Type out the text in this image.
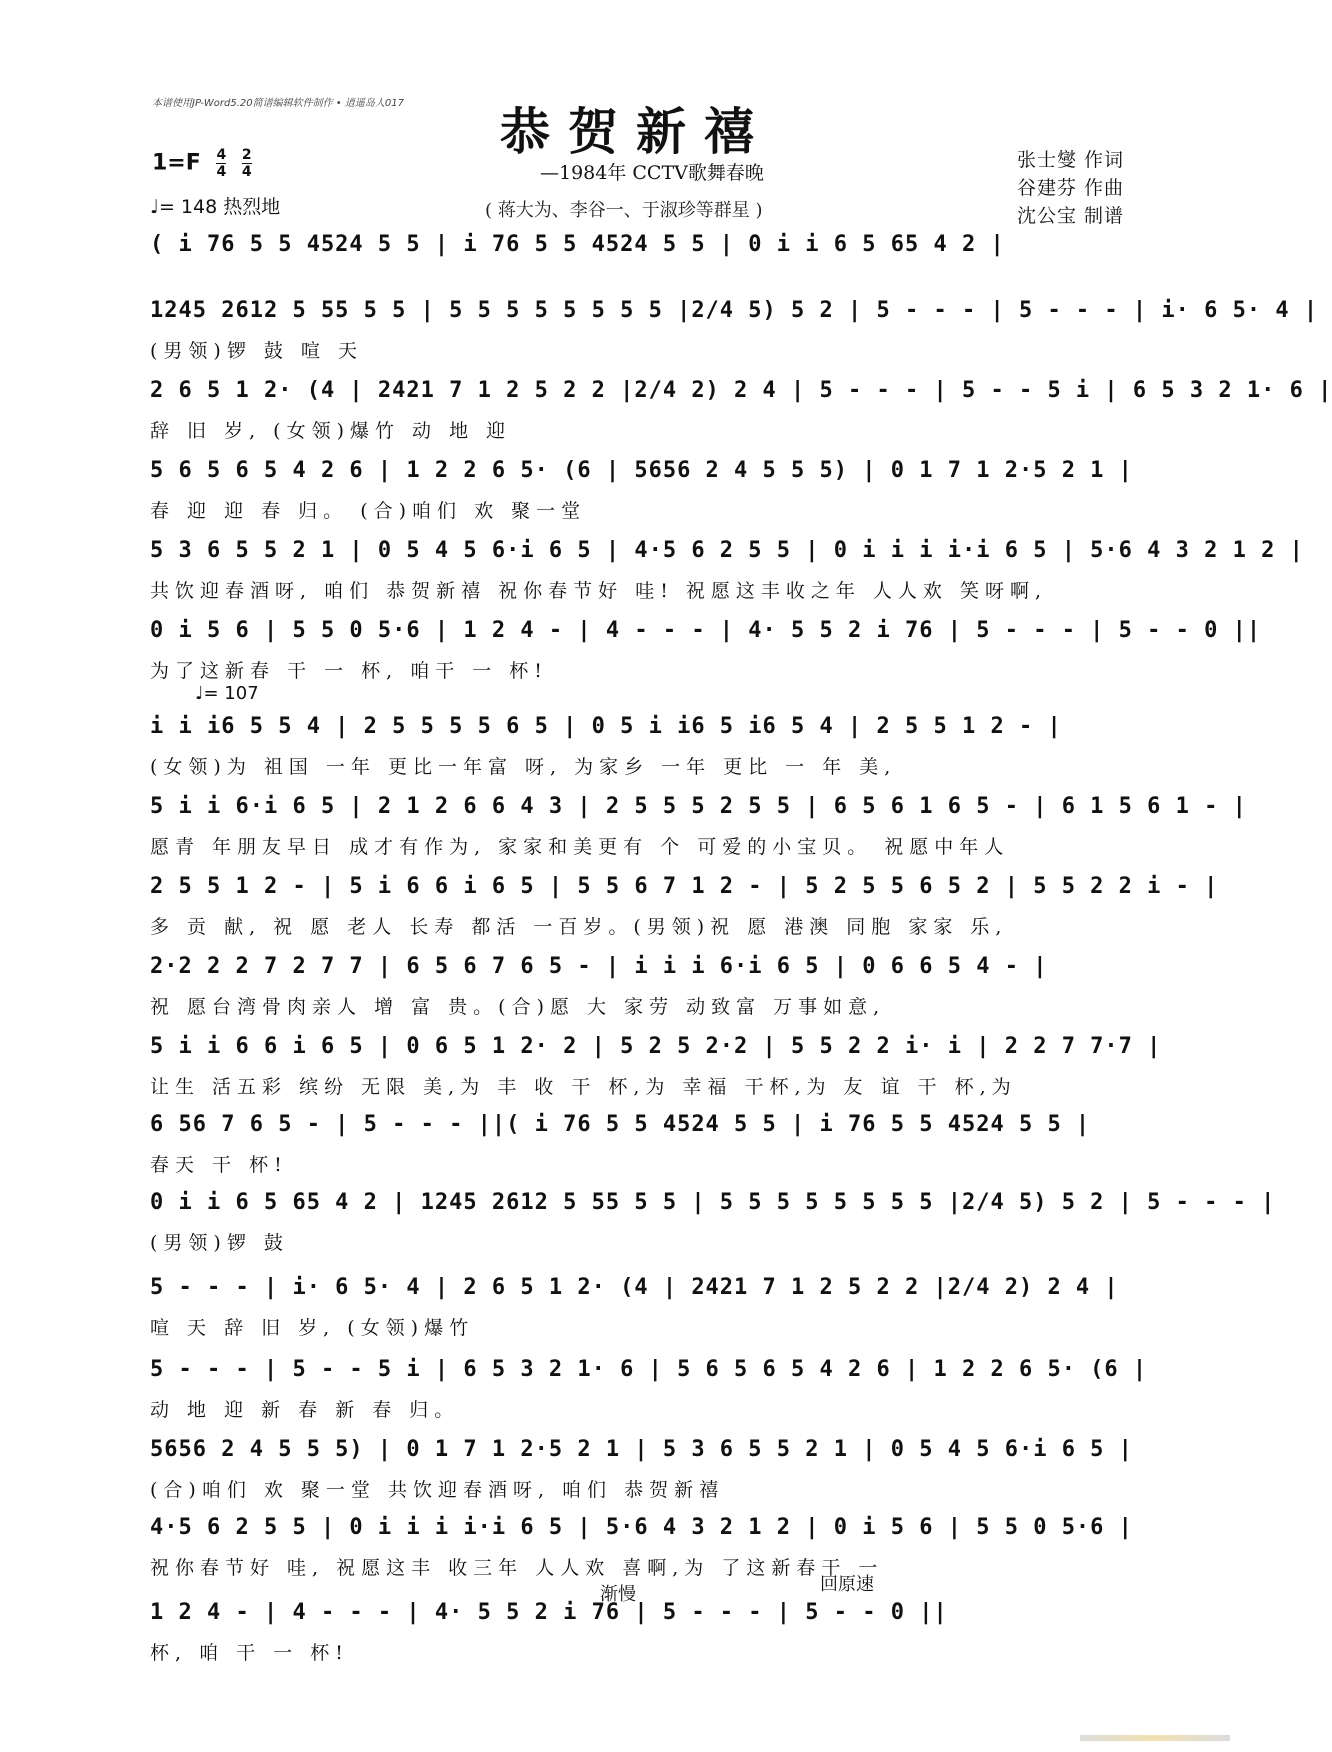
本谱使用JP-Word5.20简谱编辑软件制作 • 逍遥岛人017 恭贺新禧
—1984年 CCTV歌舞春晚
( 蒋大为、李谷一、于淑珍等群星 )
$1=F \frac{4}{4}$
$\frac{2}{4}$
♩= 148 热烈地
张士燮 作词
谷建芬 作曲
沈公宝 制谱
( i 76 5 5 4524 5 5 | i 76 5 5 4524 5 5 | 0 i i 6 5 65 4 2 |
1245 2612 5 55 5 5 | 5 5 5 5 5 5 5 5 |2/4 5) 5 2 | 5 - - - | 5 - - - | i· 6 5· 4 |
(男领)锣 鼓 喧 天
2 6 5 1 2· (4 | 2421 7 1 2 5 2 2 |2/4 2) 2 4 | 5 - - - | 5 - - 5 i | 6 5 3 2 1· 6 |
辞 旧 岁, (女领)爆竹 动 地 迎
5 6 5 6 5 4 2 6 | 1 2 2 6 5· (6 | 5656 2 4 5 5 5) | 0 1 7 1 2·5 2 1 |
春 迎 迎 春 归。 (合)咱们 欢 聚一堂
5 3 6 5 5 2 1 | 0 5 4 5 6·i 6 5 | 4·5 6 2 5 5 | 0 i i i i·i 6 5 | 5·6 4 3 2 1 2 |
共饮迎春酒呀, 咱们 恭贺新禧 祝你春节好 哇! 祝愿这丰收之年 人人欢 笑呀啊,
0 i 5 6 | 5 5 0 5·6 | 1 2 4 - | 4 - - - | 4· 5 5 2 i 76 | 5 - - - | 5 - - 0 ||
为了这新春 干 一 杯, 咱干 一 杯!
♩= 107
i i i6 5 5 4 | 2 5 5 5 5 6 5 | 0 5 i i6 5 i6 5 4 | 2 5 5 1 2 - |
(女领)为 祖国 一年 更比一年富 呀, 为家乡 一年 更比 一 年 美,
5 i i 6·i 6 5 | 2 1 2 6 6 4 3 | 2 5 5 5 2 5 5 | 6 5 6 1 6 5 - | 6 1 5 6 1 - |
愿青 年朋友早日 成才有作为, 家家和美更有 个 可爱的小宝贝。 祝愿中年人
2 5 5 1 2 - | 5 i 6 6 i 6 5 | 5 5 6 7 1 2 - | 5 2 5 5 6 5 2 | 5 5 2 2 i - |
多 贡 献, 祝 愿 老人 长寿 都活 一百岁。(男领)祝 愿 港澳 同胞 家家 乐,
2·2 2 2 7 2 7 7 | 6 5 6 7 6 5 - | i i i 6·i 6 5 | 0 6 6 5 4 - |
祝 愿台湾骨肉亲人 增 富 贵。(合)愿 大 家劳 动致富 万事如意,
5 i i 6 6 i 6 5 | 0 6 5 1 2· 2 | 5 2 5 2·2 | 5 5 2 2 i· i | 2 2 7 7·7 |
让生 活五彩 缤纷 无限 美,为 丰 收 干 杯,为 幸福 干杯,为 友 谊 干 杯,为
6 56 7 6 5 - | 5 - - - ||( i 76 5 5 4524 5 5 | i 76 5 5 4524 5 5 |
春天 干 杯!
0 i i 6 5 65 4 2 | 1245 2612 5 55 5 5 | 5 5 5 5 5 5 5 5 |2/4 5) 5 2 | 5 - - - |
(男领)锣 鼓
5 - - - | i· 6 5· 4 | 2 6 5 1 2· (4 | 2421 7 1 2 5 2 2 |2/4 2) 2 4 |
喧 天 辞 旧 岁, (女领)爆竹
5 - - - | 5 - - 5 i | 6 5 3 2 1· 6 | 5 6 5 6 5 4 2 6 | 1 2 2 6 5· (6 |
动 地 迎 新 春 新 春 归。
5656 2 4 5 5 5) | 0 1 7 1 2·5 2 1 | 5 3 6 5 5 2 1 | 0 5 4 5 6·i 6 5 |
(合)咱们 欢 聚一堂 共饮迎春酒呀, 咱们 恭贺新禧
4·5 6 2 5 5 | 0 i i i i·i 6 5 | 5·6 4 3 2 1 2 | 0 i 5 6 | 5 5 0 5·6 |
祝你春节好 哇, 祝愿这丰 收三年 人人欢 喜啊,为 了这新春干 一
渐慢	回原速
1 2 4 - | 4 - - - | 4· 5 5 2 i 76 | 5 - - - | 5 - - 0 ||
杯, 咱 干 一 杯!
